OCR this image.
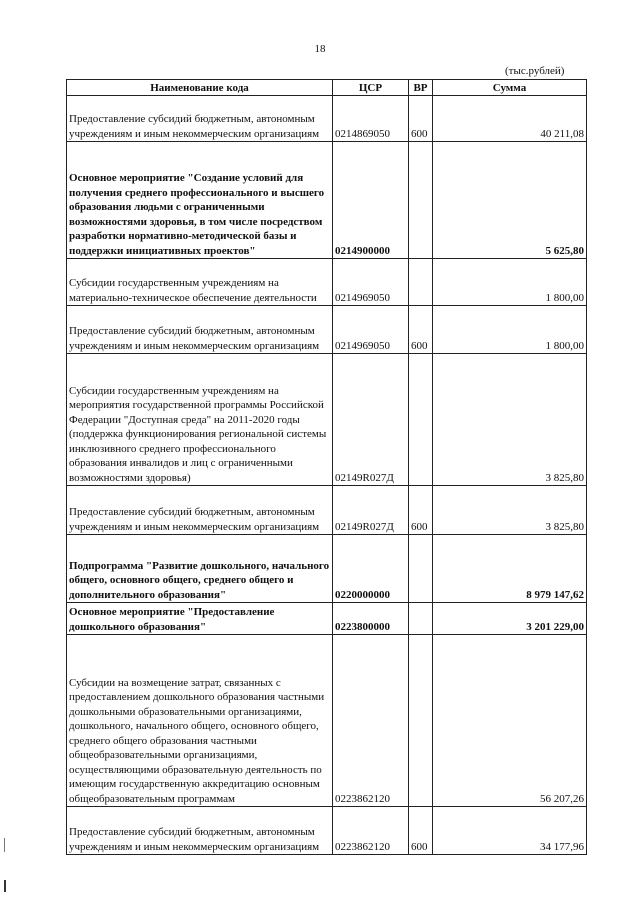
18
(тыс.рублей)
Наименование кода	ЦСР	ВР	Сумма
Предоставление субсидий бюджетным, автономным учреждениям и иным некоммерческим организациям	0214869050	600	40 211,08
Основное мероприятие "Создание условий для получения среднего профессионального и высшего образования людьми с ограниченными возможностями здоровья, в том числе посредством разработки нормативно-методической базы и поддержки инициативных проектов"	0214900000		5 625,80
Субсидии государственным учреждениям на материально-техническое обеспечение деятельности	0214969050		1 800,00
Предоставление субсидий бюджетным, автономным учреждениям и иным некоммерческим организациям	0214969050	600	1 800,00
Субсидии государственным учреждениям на мероприятия государственной программы Российской Федерации "Доступная среда" на 2011-2020 годы (поддержка функционирования региональной системы инклюзивного среднего профессионального образования инвалидов и лиц с ограниченными возможностями здоровья)	02149R027Д		3 825,80
Предоставление субсидий бюджетным, автономным учреждениям и иным некоммерческим организациям	02149R027Д	600	3 825,80
Подпрограмма "Развитие дошкольного, начального общего, основного общего, среднего общего и дополнительного образования"	0220000000		8 979 147,62
Основное мероприятие "Предоставление дошкольного образования"	0223800000		3 201 229,00
Субсидии на возмещение затрат, связанных с предоставлением дошкольного образования частными дошкольными образовательными организациями, дошкольного, начального общего, основного общего, среднего общего образования частными общеобразовательными организациями, осуществляющими образовательную деятельность по имеющим государственную аккредитацию основным общеобразовательным программам	0223862120		56 207,26
Предоставление субсидий бюджетным, автономным учреждениям и иным некоммерческим организациям	0223862120	600	34 177,96
